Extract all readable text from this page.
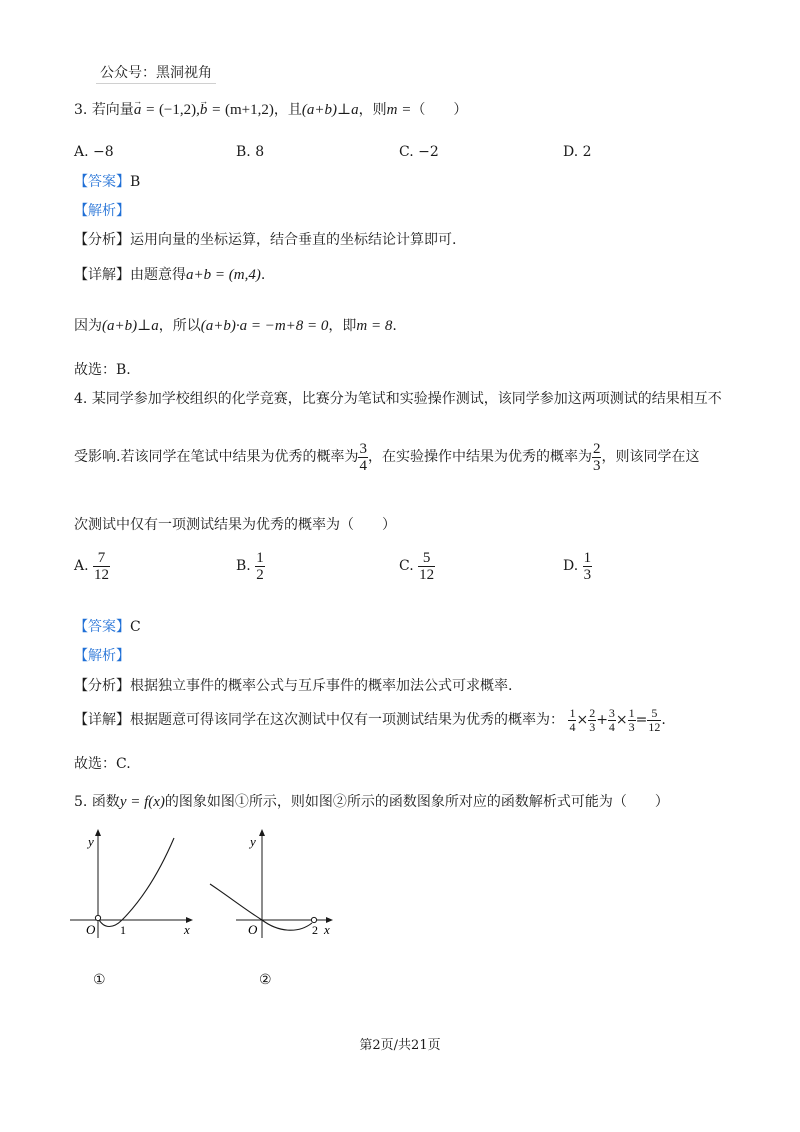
公众号：黑洞视角
3. 若向量→ a = (−1,2),→ b = (m+1,2)，且(a+b)⊥a，则m =（　　）
A. −8	B. 8	C. −2	D. 2
【答案】B
【解析】
【分析】运用向量的坐标运算，结合垂直的坐标结论计算即可.
【详解】由题意得a+b = (m,4).
因为(a+b)⊥a，所以(a+b)·a = −m+8 = 0，即m = 8.
故选：B.
4. 某同学参加学校组织的化学竞赛，比赛分为笔试和实验操作测试，该同学参加这两项测试的结果相互不
受影响.若该同学在笔试中结果为优秀的概率为 $\frac{3}{4}$ ，在实验操作中结果为优秀的概率为 $\frac{2}{3}$ ，则该同学在这
次测试中仅有一项测试结果为优秀的概率为（　　）
A. $\frac{7}{12}$	B. $\frac{1}{2}$	C. $\frac{5}{12}$	D. $\frac{1}{3}$
【答案】C
【解析】
【分析】根据独立事件的概率公式与互斥事件的概率加法公式可求概率.
【详解】根据题意可得该同学在这次测试中仅有一项测试结果为优秀的概率为： $\frac{1}{4} \times \frac{2}{3} + \frac{3}{4} \times \frac{1}{3} = \frac{5}{12}$ .
故选：C.
5. 函数y = f(x)的图象如图①所示，则如图②所示的函数图象所对应的函数解析式可能为（　　）
y
x
O 1
y
x
O	2
①	②
第2页/共21页
